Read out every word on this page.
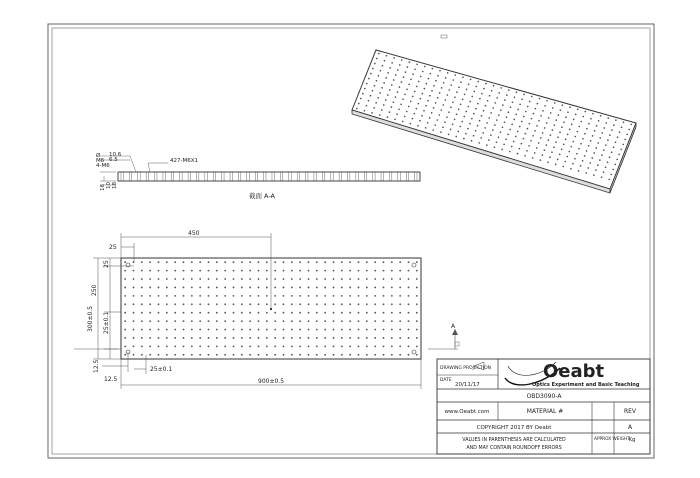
10.6
6.5
Ø
M6
4-M6
427-M6X1
16 10 18
截面 A-A
450
25
25
250
300±0.5 25±0.1
12.5
12.5
25±0.1
900±0.5
A
DRAWING PROJECTION
DATE
20/11/17
Oeabt
Optics Experiment and Basic Teaching
OBD3090-A
www.Oeabt.com	MATERIAL #	REV
A
COPYRIGHT 2017 BY Oeabt
VALUES IN PARENTHESIS ARE CALCULATED
AND MAY CONTAIN ROUNDOFF ERRORS
APPROX WEIGHT
Kg
